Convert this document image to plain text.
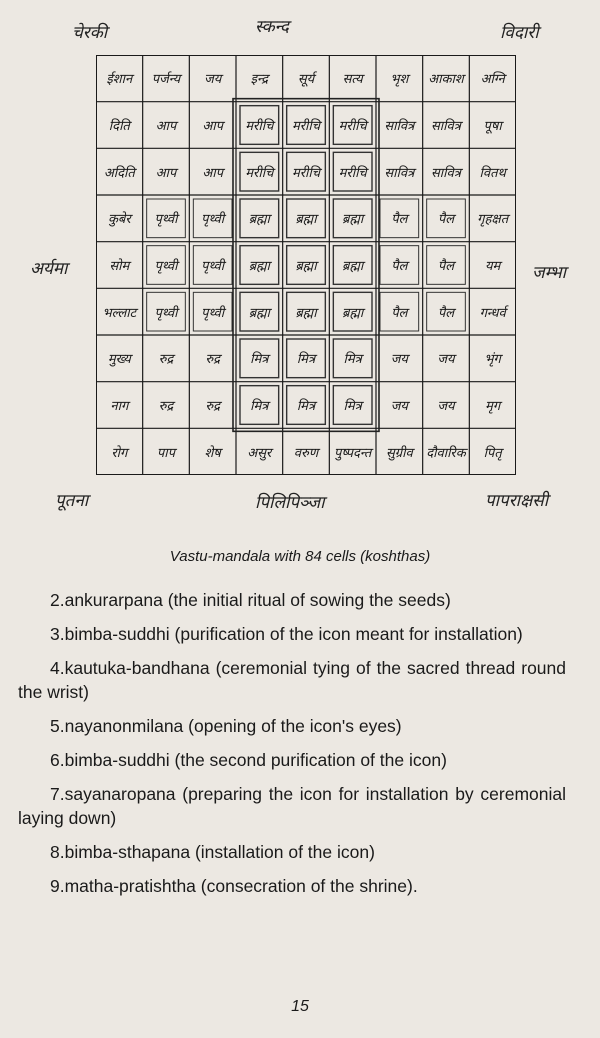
चेरकी	स्कन्द	विदारी
अर्यमा	जम्भा
पूतना	पिलिपिञ्जा	पापराक्षसी
ईशान	पर्जन्य	जय	इन्द्र	सूर्य	सत्य	भृश	आकाश	अग्नि
दिति	आप	आप	मरीचि	मरीचि	मरीचि	सावित्र	सावित्र	पूषा
अदिति	आप	आप	मरीचि	मरीचि	मरीचि	सावित्र	सावित्र	वितथ
कुबेर	पृथ्वी	पृथ्वी	ब्रह्मा	ब्रह्मा	ब्रह्मा	पैल	पैल	गृहक्षत
सोम	पृथ्वी	पृथ्वी	ब्रह्मा	ब्रह्मा	ब्रह्मा	पैल	पैल	यम
भल्लाट	पृथ्वी	पृथ्वी	ब्रह्मा	ब्रह्मा	ब्रह्मा	पैल	पैल	गन्धर्व
मुख्य	रुद्र	रुद्र	मित्र	मित्र	मित्र	जय	जय	भृंग
नाग	रुद्र	रुद्र	मित्र	मित्र	मित्र	जय	जय	मृग
रोग	पाप	शेष	असुर	वरुण	पुष्पदन्त	सुग्रीव	दौवारिक	पितृ
Vastu-mandala with 84 cells (koshthas)
2.ankurarpana (the initial ritual of sowing the seeds)
3.bimba-suddhi (purification of the icon meant for installation)
4.kautuka-bandhana (ceremonial tying of the sacred thread round the wrist)
5.nayanonmilana (opening of the icon's eyes)
6.bimba-suddhi (the second purification of the icon)
7.sayanaropana (preparing the icon for installation by ceremonial laying down)
8.bimba-sthapana (installation of the icon)
9.matha-pratishtha (consecration of the shrine).
15
